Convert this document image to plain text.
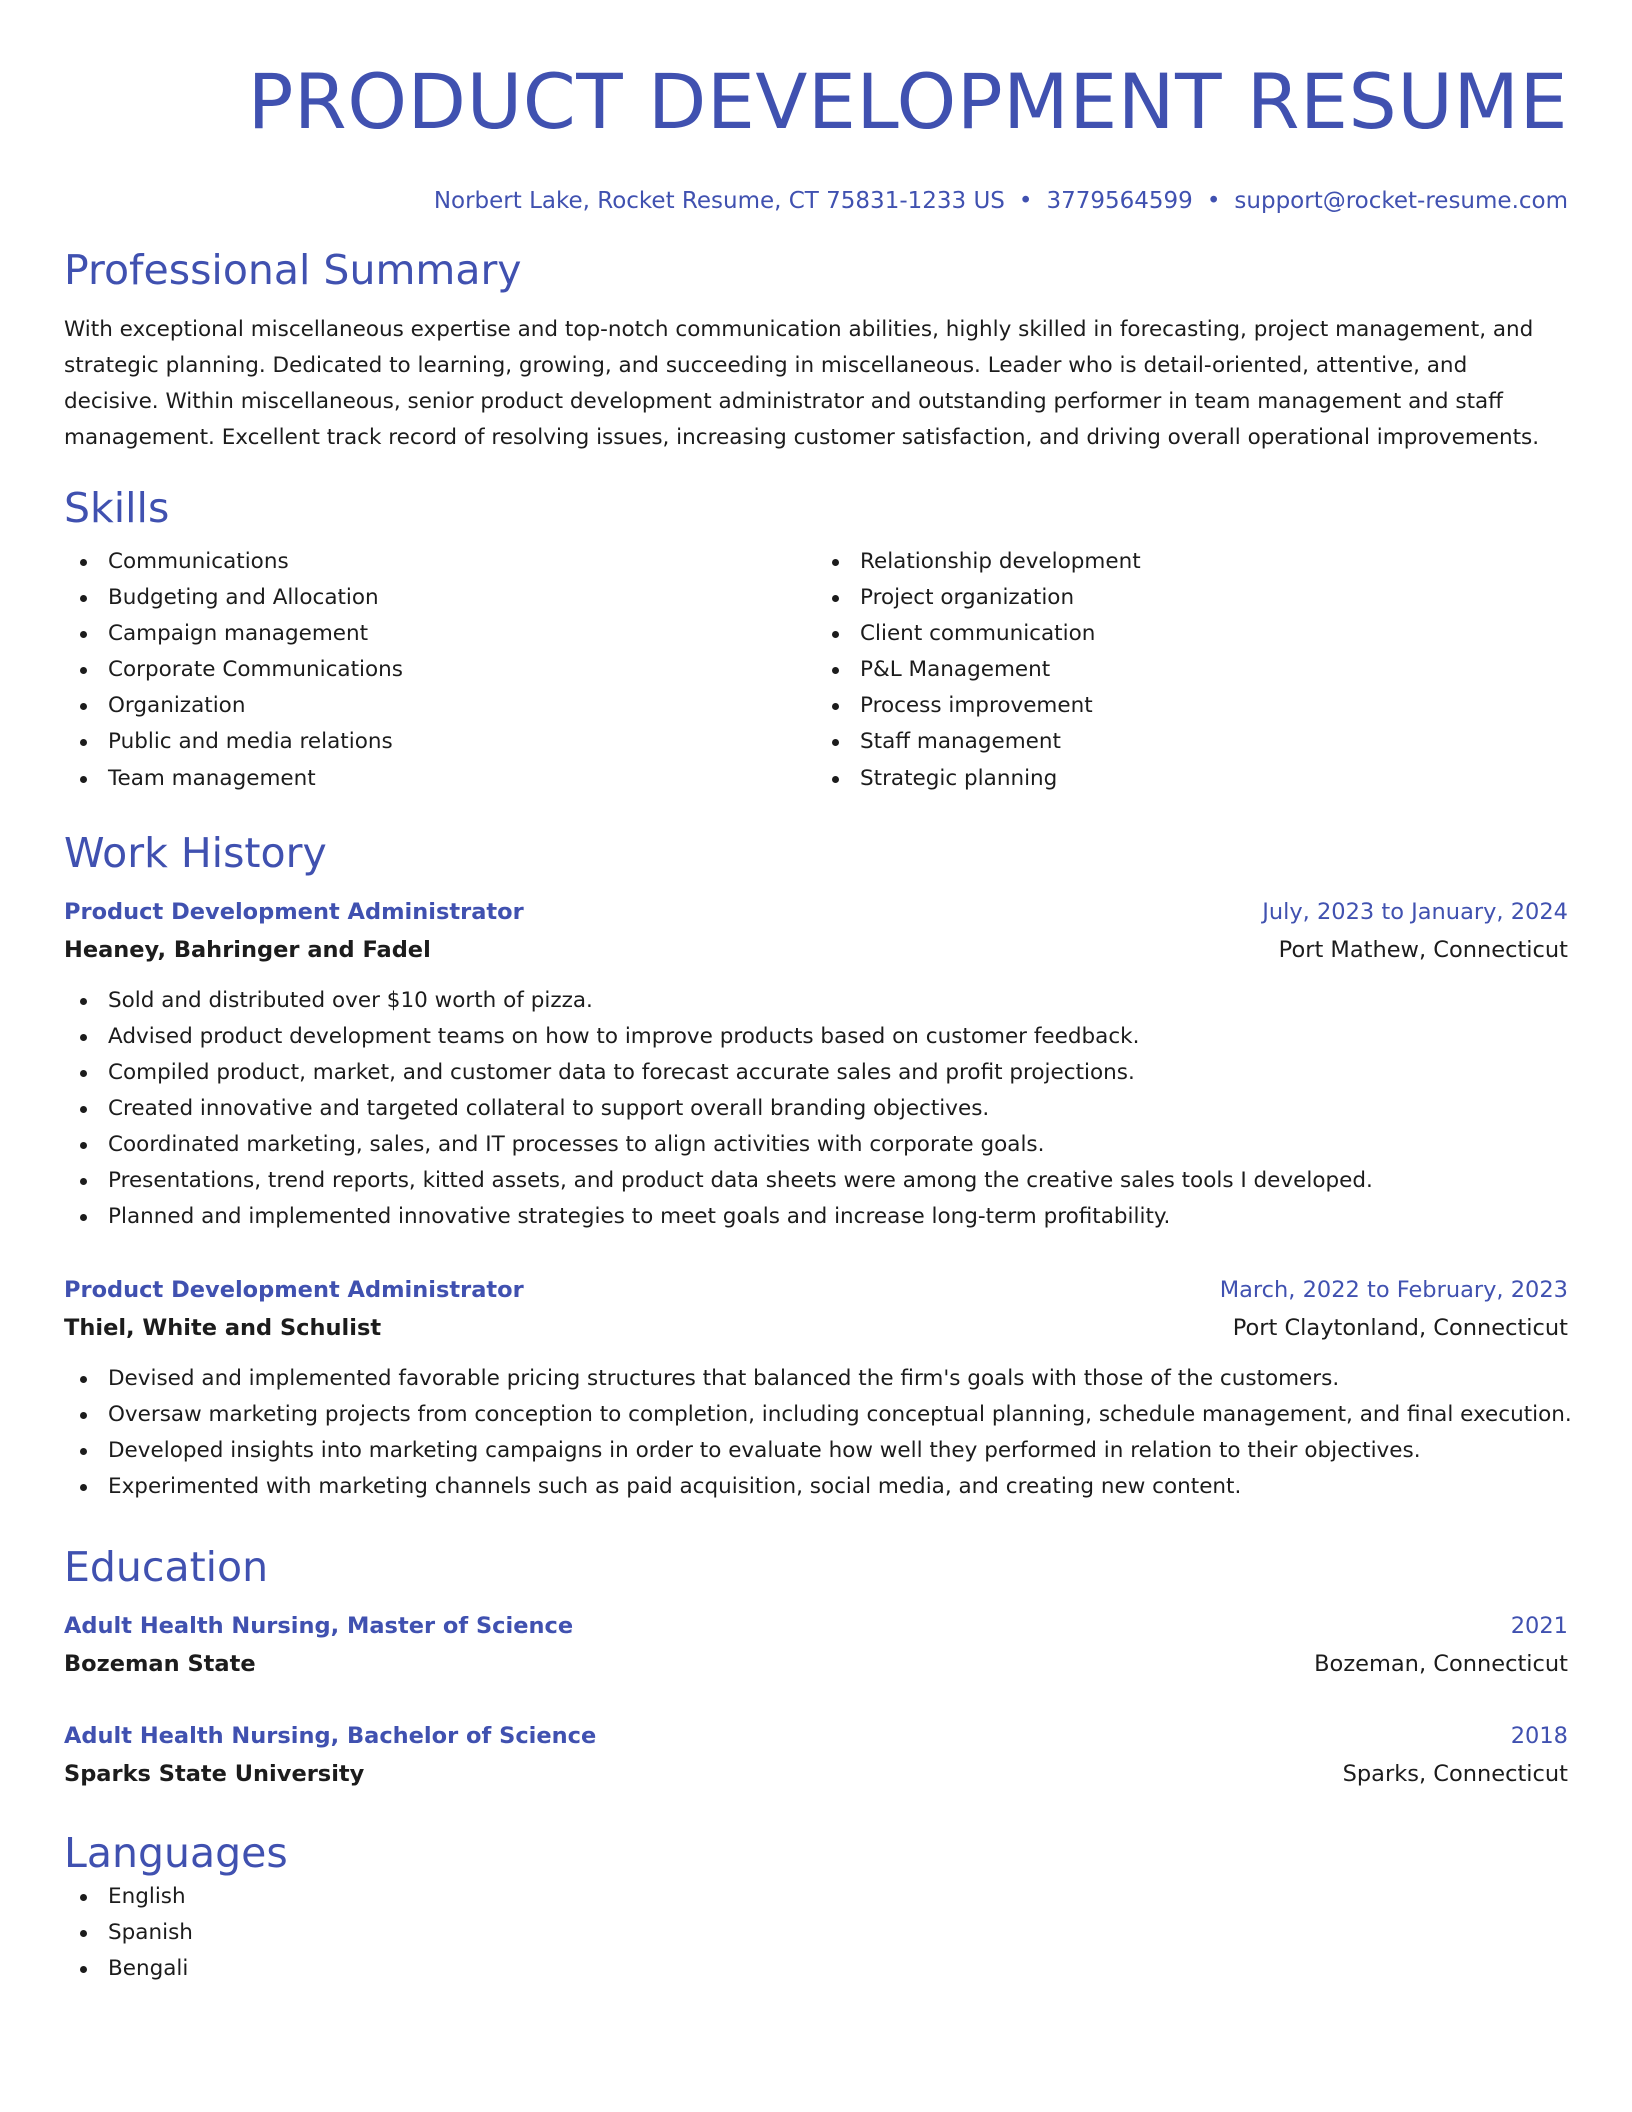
PRODUCT DEVELOPMENT RESUME
Norbert Lake, Rocket Resume, CT 75831-1233 US • 3779564599 • support@rocket-resume.com
Professional Summary

With exceptional miscellaneous expertise and top-notch communication abilities, highly skilled in forecasting, project management, and strategic planning. Dedicated to learning, growing, and succeeding in miscellaneous. Leader who is detail-oriented, attentive, and decisive. Within miscellaneous, senior product development administrator and outstanding performer in team management and staff management. Excellent track record of resolving issues, increasing customer satisfaction, and driving overall operational improvements.

Skills
Communications
Budgeting and Allocation
Campaign management
Corporate Communications
Organization
Public and media relations
Team management
Relationship development
Project organization
Client communication
P&L Management
Process improvement
Staff management
Strategic planning
Work History
Product Development Administrator	July, 2023 to January, 2024
Heaney, Bahringer and Fadel	Port Mathew, Connecticut
Sold and distributed over $10 worth of pizza.
Advised product development teams on how to improve products based on customer feedback.
Compiled product, market, and customer data to forecast accurate sales and profit projections.
Created innovative and targeted collateral to support overall branding objectives.
Coordinated marketing, sales, and IT processes to align activities with corporate goals.
Presentations, trend reports, kitted assets, and product data sheets were among the creative sales tools I developed.
Planned and implemented innovative strategies to meet goals and increase long-term profitability.
Product Development Administrator	March, 2022 to February, 2023
Thiel, White and Schulist	Port Claytonland, Connecticut
Devised and implemented favorable pricing structures that balanced the firm's goals with those of the customers.
Oversaw marketing projects from conception to completion, including conceptual planning, schedule management, and final execution.
Developed insights into marketing campaigns in order to evaluate how well they performed in relation to their objectives.
Experimented with marketing channels such as paid acquisition, social media, and creating new content.
Education
Adult Health Nursing, Master of Science	2021
Bozeman State	Bozeman, Connecticut
Adult Health Nursing, Bachelor of Science	2018
Sparks State University	Sparks, Connecticut
Languages
English
Spanish
Bengali
